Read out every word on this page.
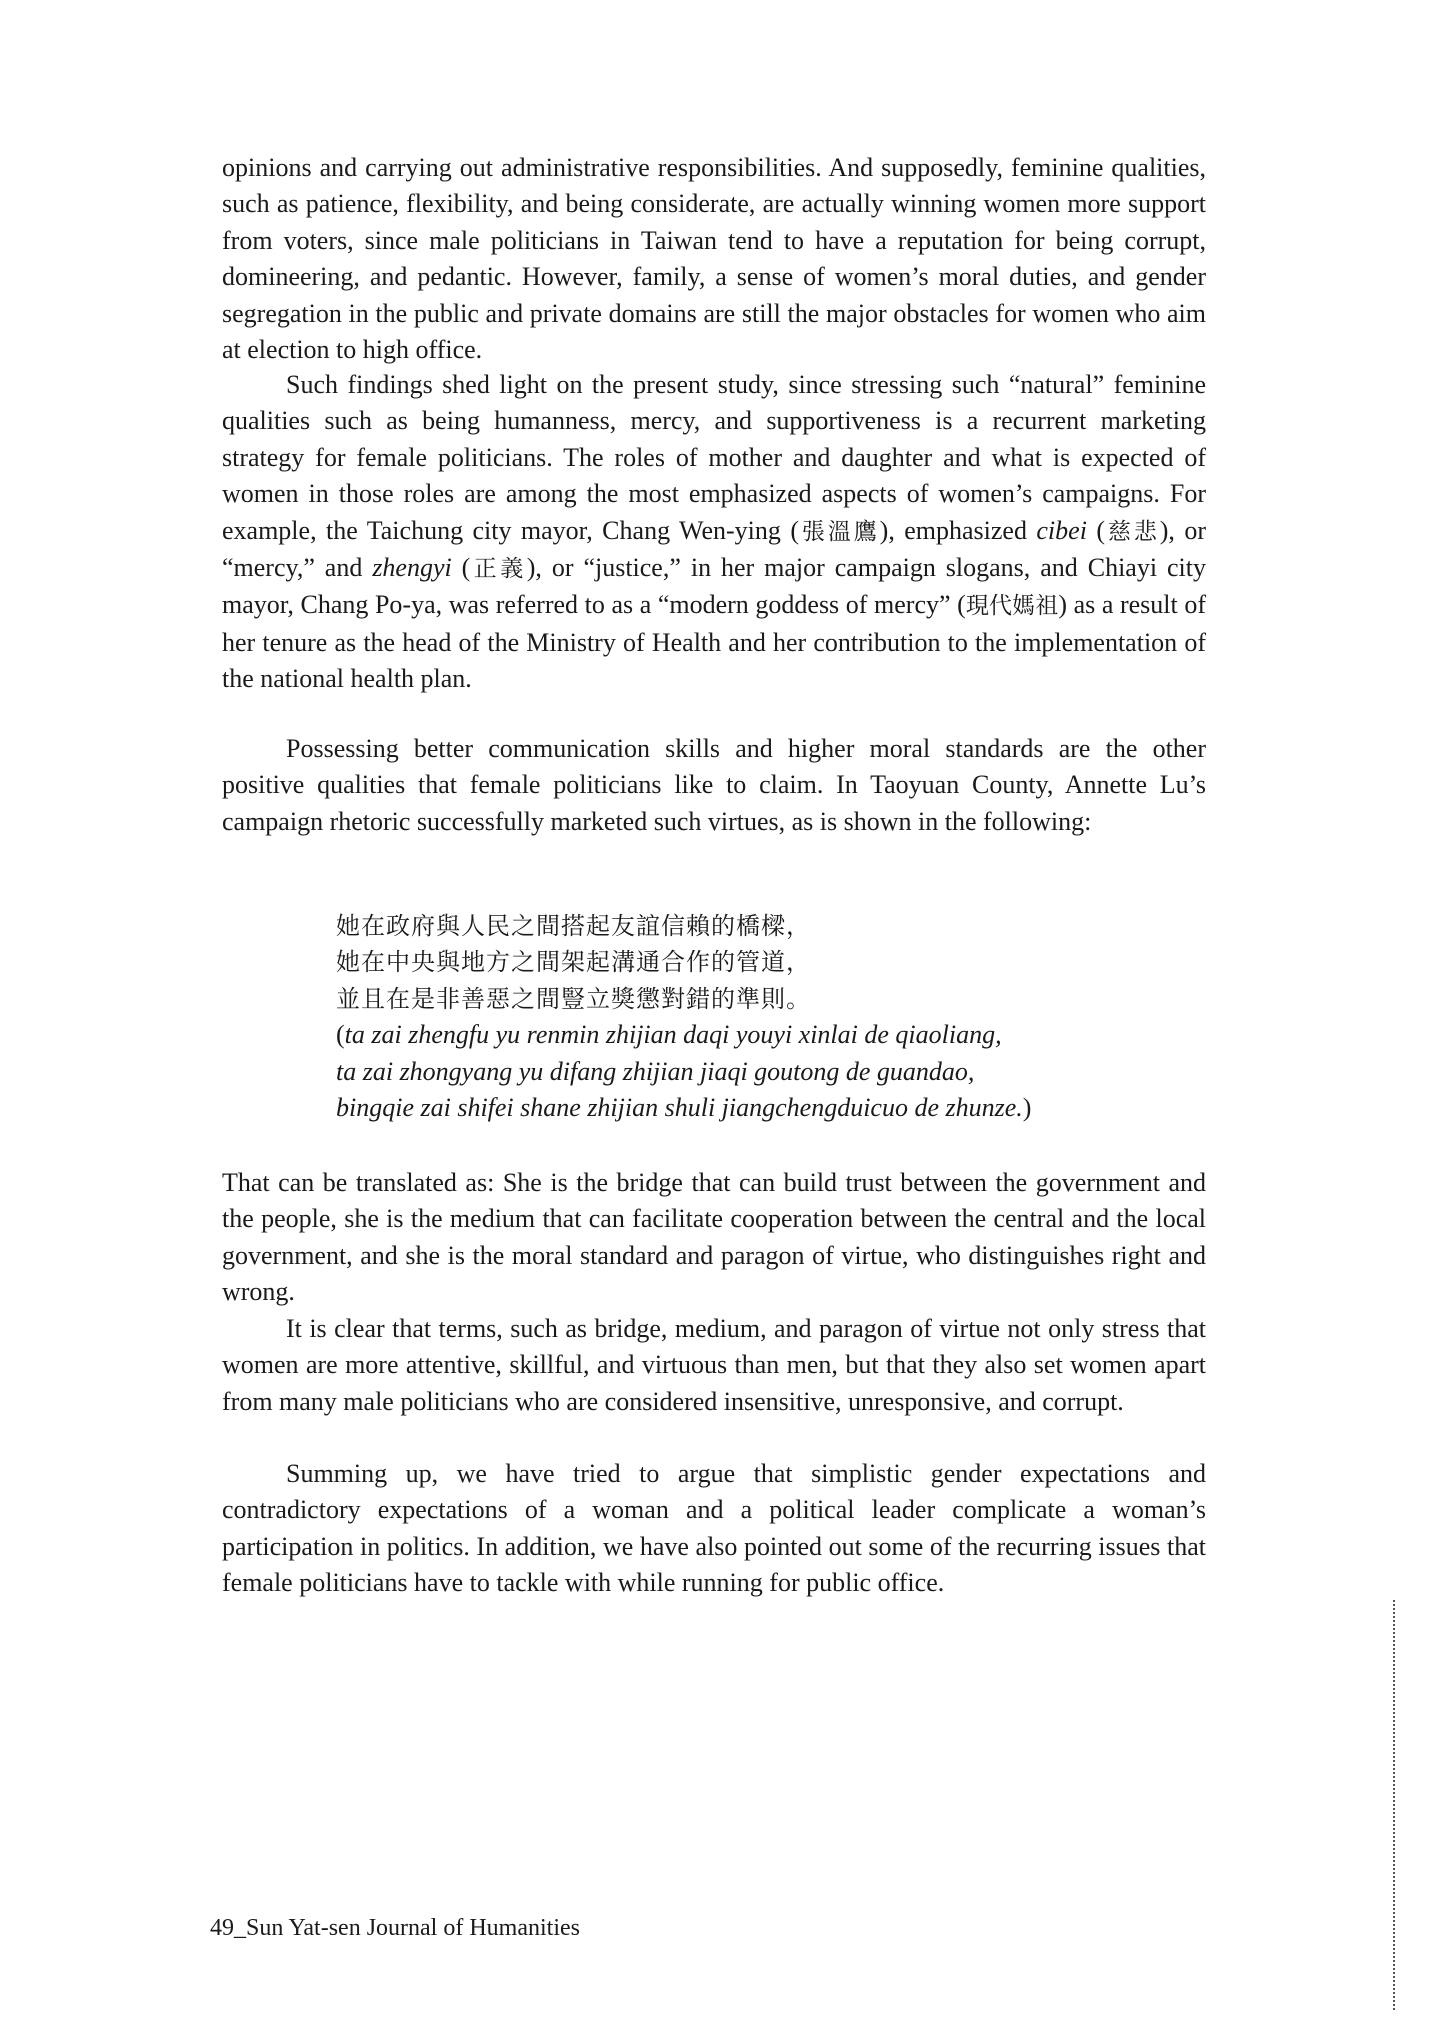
opinions and carrying out administrative responsibilities. And supposedly, feminine qualities, such as patience, flexibility, and being considerate, are actually winning women more support from voters, since male politicians in Taiwan tend to have a reputation for being corrupt, domineering, and pedantic. However, family, a sense of women’s moral duties, and gender segregation in the public and private domains are still the major obstacles for women who aim at election to high office.

Such findings shed light on the present study, since stressing such “natural” feminine qualities such as being humanness, mercy, and supportiveness is a recurrent marketing strategy for female politicians. The roles of mother and daughter and what is expected of women in those roles are among the most emphasized aspects of women’s campaigns. For example, the Taichung city mayor, Chang Wen-ying (張溫鷹), emphasized cibei (慈悲), or “mercy,” and zhengyi (正義), or “justice,” in her major campaign slogans, and Chiayi city mayor, Chang Po-ya, was referred to as a “modern goddess of mercy” (現代媽祖) as a result of her tenure as the head of the Ministry of Health and her contribution to the implementation of the national health plan.

Possessing better communication skills and higher moral standards are the other positive qualities that female politicians like to claim. In Taoyuan County, Annette Lu’s campaign rhetoric successfully marketed such virtues, as is shown in the following:

她在政府與人民之間搭起友誼信賴的橋樑，
她在中央與地方之間架起溝通合作的管道，
並且在是非善惡之間豎立獎懲對錯的準則。
(ta zai zhengfu yu renmin zhijian daqi youyi xinlai de qiaoliang,
ta zai zhongyang yu difang zhijian jiaqi goutong de guandao,
bingqie zai shifei shane zhijian shuli jiangchengduicuo de zhunze.)

That can be translated as: She is the bridge that can build trust between the government and the people, she is the medium that can facilitate cooperation between the central and the local government, and she is the moral standard and paragon of virtue, who distinguishes right and wrong.

It is clear that terms, such as bridge, medium, and paragon of virtue not only stress that women are more attentive, skillful, and virtuous than men, but that they also set women apart from many male politicians who are considered insensitive, unresponsive, and corrupt.

Summing up, we have tried to argue that simplistic gender expectations and contradictory expectations of a woman and a political leader complicate a woman’s participation in politics. In addition, we have also pointed out some of the recurring issues that female politicians have to tackle with while running for public office.

49_Sun Yat-sen Journal of Humanities
